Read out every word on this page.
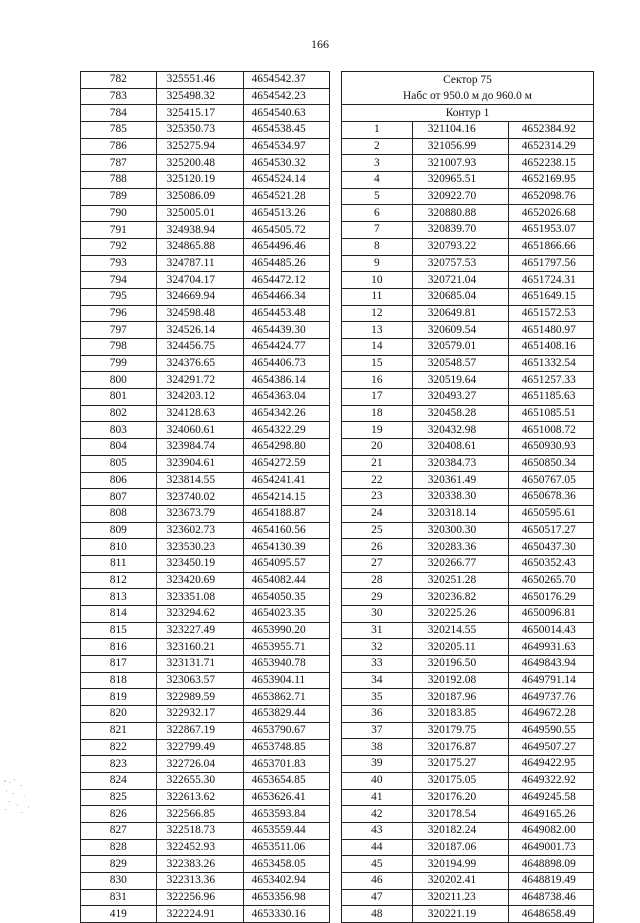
166
782	325551.46	4654542.37
783	325498.32	4654542.23
784	325415.17	4654540.63
785	325350.73	4654538.45
786	325275.94	4654534.97
787	325200.48	4654530.32
788	325120.19	4654524.14
789	325086.09	4654521.28
790	325005.01	4654513.26
791	324938.94	4654505.72
792	324865.88	4654496.46
793	324787.11	4654485.26
794	324704.17	4654472.12
795	324669.94	4654466.34
796	324598.48	4654453.48
797	324526.14	4654439.30
798	324456.75	4654424.77
799	324376.65	4654406.73
800	324291.72	4654386.14
801	324203.12	4654363.04
802	324128.63	4654342.26
803	324060.61	4654322.29
804	323984.74	4654298.80
805	323904.61	4654272.59
806	323814.55	4654241.41
807	323740.02	4654214.15
808	323673.79	4654188.87
809	323602.73	4654160.56
810	323530.23	4654130.39
811	323450.19	4654095.57
812	323420.69	4654082.44
813	323351.08	4654050.35
814	323294.62	4654023.35
815	323227.49	4653990.20
816	323160.21	4653955.71
817	323131.71	4653940.78
818	323063.57	4653904.11
819	322989.59	4653862.71
820	322932.17	4653829.44
821	322867.19	4653790.67
822	322799.49	4653748.85
823	322726.04	4653701.83
824	322655.30	4653654.85
825	322613.62	4653626.41
826	322566.85	4653593.84
827	322518.73	4653559.44
828	322452.93	4653511.06
829	322383.26	4653458.05
830	322313.36	4653402.94
831	322256.96	4653356.98
419	322224.91	4653330.16
Сектор 75		
Набс от 950.0 м до 960.0 м		
Контур 1		
1	321104.16	4652384.92
2	321056.99	4652314.29
3	321007.93	4652238.15
4	320965.51	4652169.95
5	320922.70	4652098.76
6	320880.88	4652026.68
7	320839.70	4651953.07
8	320793.22	4651866.66
9	320757.53	4651797.56
10	320721.04	4651724.31
11	320685.04	4651649.15
12	320649.81	4651572.53
13	320609.54	4651480.97
14	320579.01	4651408.16
15	320548.57	4651332.54
16	320519.64	4651257.33
17	320493.27	4651185.63
18	320458.28	4651085.51
19	320432.98	4651008.72
20	320408.61	4650930.93
21	320384.73	4650850.34
22	320361.49	4650767.05
23	320338.30	4650678.36
24	320318.14	4650595.61
25	320300.30	4650517.27
26	320283.36	4650437.30
27	320266.77	4650352.43
28	320251.28	4650265.70
29	320236.82	4650176.29
30	320225.26	4650096.81
31	320214.55	4650014.43
32	320205.11	4649931.63
33	320196.50	4649843.94
34	320192.08	4649791.14
35	320187.96	4649737.76
36	320183.85	4649672.28
37	320179.75	4649590.55
38	320176.87	4649507.27
39	320175.27	4649422.95
40	320175.05	4649322.92
41	320176.20	4649245.58
42	320178.54	4649165.26
43	320182.24	4649082.00
44	320187.06	4649001.73
45	320194.99	4648898.09
46	320202.41	4648819.49
47	320211.23	4648738.46
48	320221.19	4648658.49
